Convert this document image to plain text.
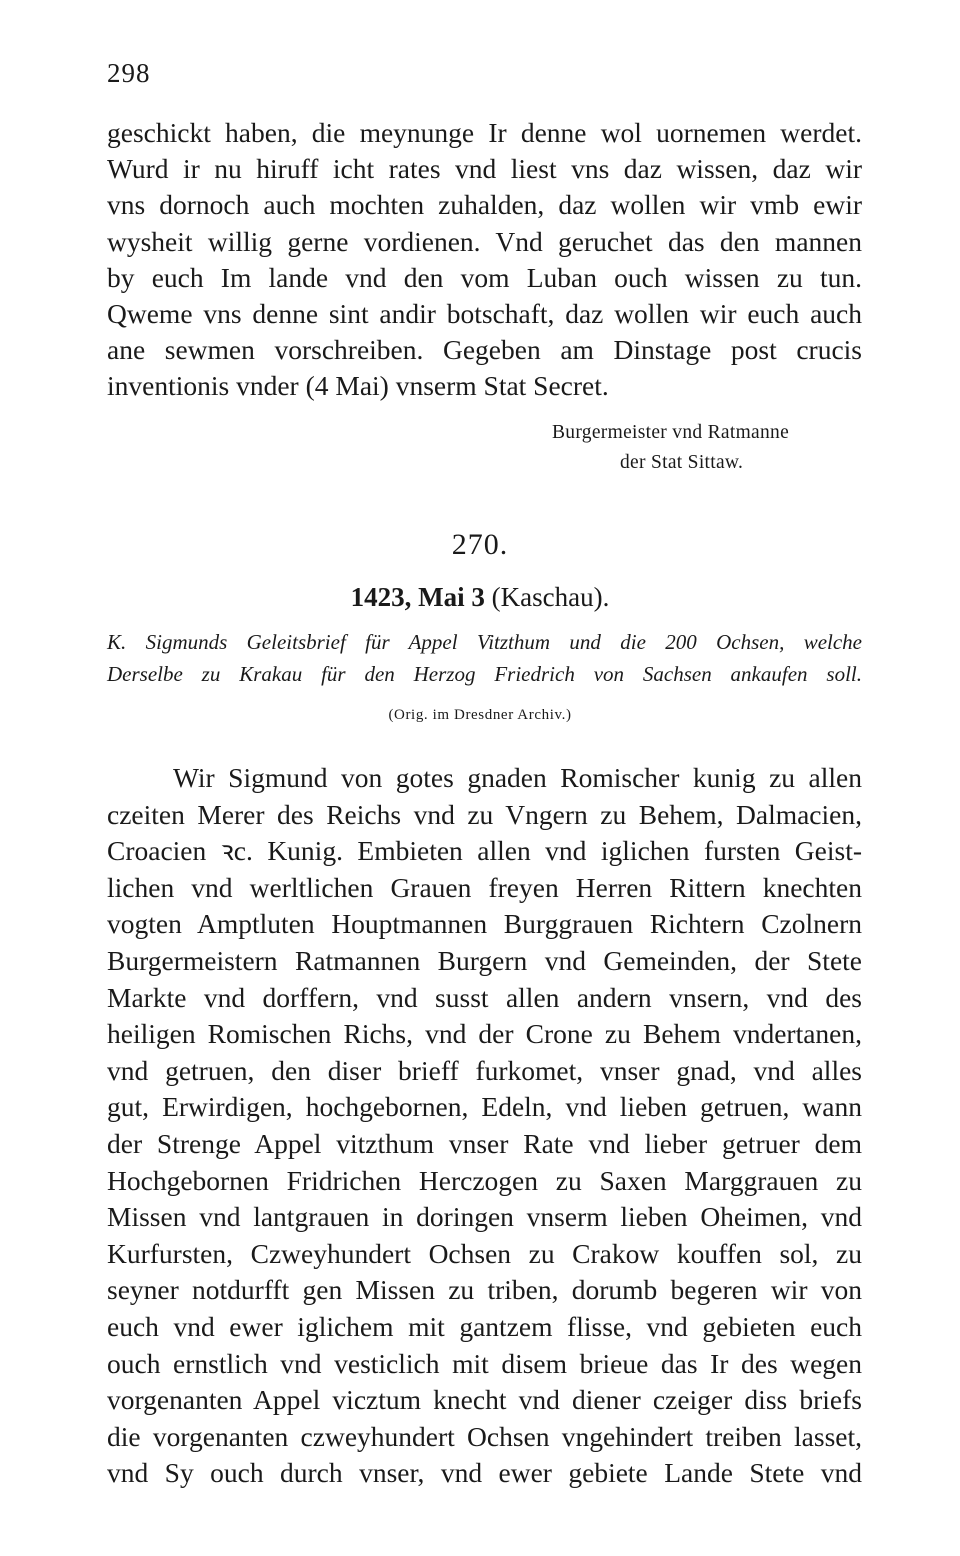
298
geschickt haben, die meynunge Ir denne wol uornemen werdet.
Wurd ir nu hiruff icht rates vnd liest vns daz wissen, daz wir
vns dornoch auch mochten zuhalden, daz wollen wir vmb ewir
wysheit willig gerne vordienen. Vnd geruchet das den mannen
by euch Im lande vnd den vom Luban ouch wissen zu tun.
Qweme vns denne sint andir botschaft, daz wollen wir euch auch
ane sewmen vorschreiben. Gegeben am Dinstage post crucis
inventionis vnder (4 Mai) vnserm Stat Secret.
Burgermeister vnd Ratmanne
der Stat Sittaw.
270.
1423, Mai 3 (Kaschau).
K. Sigmunds Geleitsbrief für Appel Vitzthum und die 200 Ochsen, welche
Derselbe zu Krakau für den Herzog Friedrich von Sachsen ankaufen soll.
(Orig. im Dresdner Archiv.)
Wir Sigmund von gotes gnaden Romischer kunig zu allen
czeiten Merer des Reichs vnd zu Vngern zu Behem, Dalmacien,
Croacien ꝛc. Kunig. Embieten allen vnd iglichen fursten Geist-
lichen vnd werltlichen Grauen freyen Herren Rittern knechten
vogten Amptluten Houptmannen Burggrauen Richtern Czolnern
Burgermeistern Ratmannen Burgern vnd Gemeinden, der Stete
Markte vnd dorffern, vnd susst allen andern vnsern, vnd des
heiligen Romischen Richs, vnd der Crone zu Behem vndertanen,
vnd getruen, den diser brieff furkomet, vnser gnad, vnd alles
gut, Erwirdigen, hochgebornen, Edeln, vnd lieben getruen, wann
der Strenge Appel vitzthum vnser Rate vnd lieber getruer dem
Hochgebornen Fridrichen Herczogen zu Saxen Marggrauen zu
Missen vnd lantgrauen in doringen vnserm lieben Oheimen, vnd
Kurfursten, Czweyhundert Ochsen zu Crakow kouffen sol, zu
seyner notdurfft gen Missen zu triben, dorumb begeren wir von
euch vnd ewer iglichem mit gantzem flisse, vnd gebieten euch
ouch ernstlich vnd vesticlich mit disem brieue das Ir des wegen
vorgenanten Appel vicztum knecht vnd diener czeiger diss briefs
die vorgenanten czweyhundert Ochsen vngehindert treiben lasset,
vnd Sy ouch durch vnser, vnd ewer gebiete Lande Stete vnd
